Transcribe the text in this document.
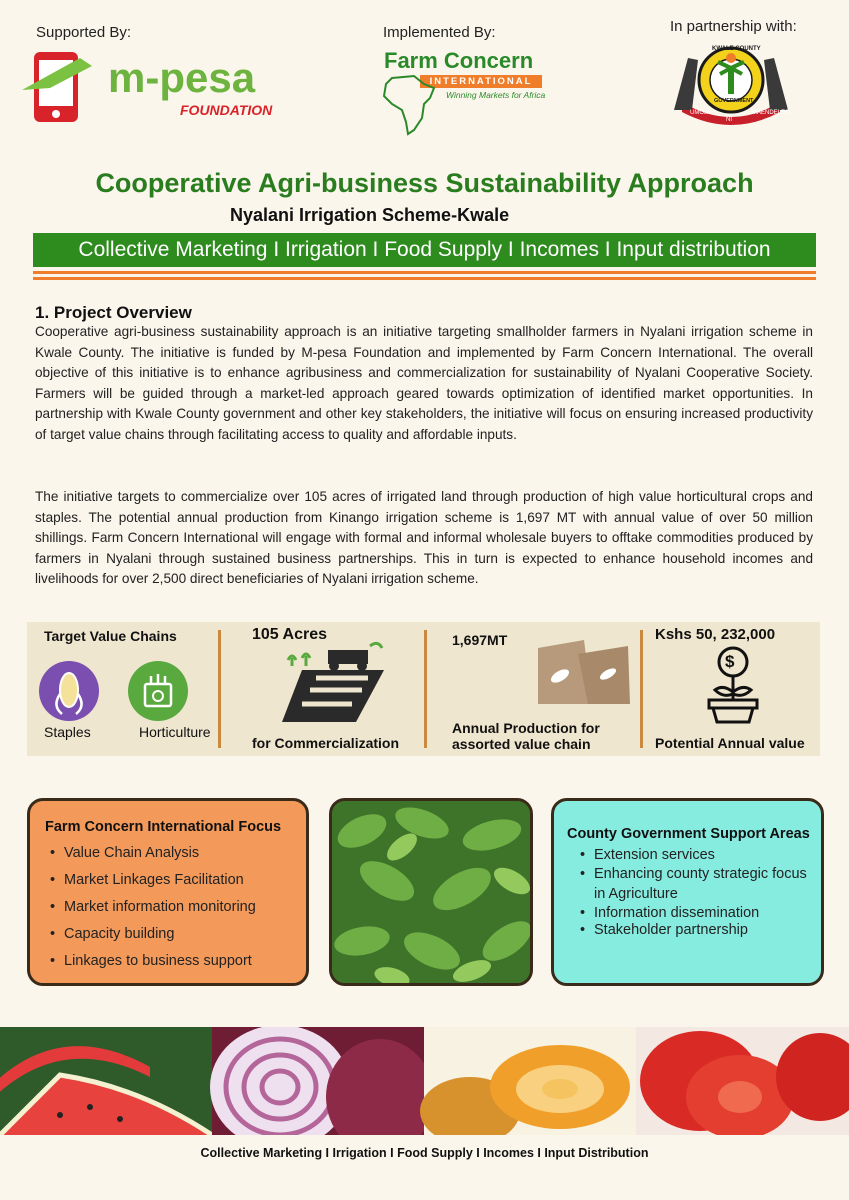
Supported By:	Implemented By:	In partnership with:
m-pesa
FOUNDATION
Farm Concern
INTERNATIONAL
Winning Markets for Africa
KWALE COUNTY
GOVERNMENT
UMOJA
NI
MAENDELEO
Cooperative Agri-business Sustainability Approach
Nyalani Irrigation Scheme-Kwale
Collective Marketing I Irrigation I Food Supply I Incomes I Input distribution
1. Project Overview
Cooperative agri-business sustainability approach is an initiative targeting smallholder farmers in Nyalani irrigation scheme in Kwale County. The initiative is funded by M-pesa Foundation and implemented by Farm Concern International. The overall objective of this initiative is to enhance agribusiness and commercialization for sustainability of Nyalani Cooperative Society. Farmers will be guided through a market-led approach geared towards optimization of identified market opportunities. In partnership with Kwale County government and other key stakeholders, the initiative will focus on ensuring increased productivity of target value chains through facilitating access to quality and affordable inputs.
The initiative targets to commercialize over 105 acres of irrigated land through production of high value horticultural crops and staples. The potential annual production from Kinango irrigation scheme is 1,697 MT with annual value of over 50 million shillings. Farm Concern International will engage with formal and informal wholesale buyers to offtake commodities produced by farmers in Nyalani through sustained business partnerships. This in turn is expected to enhance household incomes and livelihoods for over 2,500 direct beneficiaries of Nyalani irrigation scheme.
Target Value Chains
Staples	Horticulture
105 Acres
for Commercialization
1,697MT
Annual Production for
assorted value chain
Kshs 50, 232,000
$
Potential Annual value
Farm Concern International Focus
• Value Chain Analysis
• Market Linkages Facilitation
• Market information monitoring
• Capacity building
• Linkages to business support
County Government Support Areas
• Extension services
• Enhancing county strategic focus in Agriculture
• Information dissemination
• Stakeholder partnership
Collective Marketing I Irrigation I Food Supply I Incomes I Input Distribution
